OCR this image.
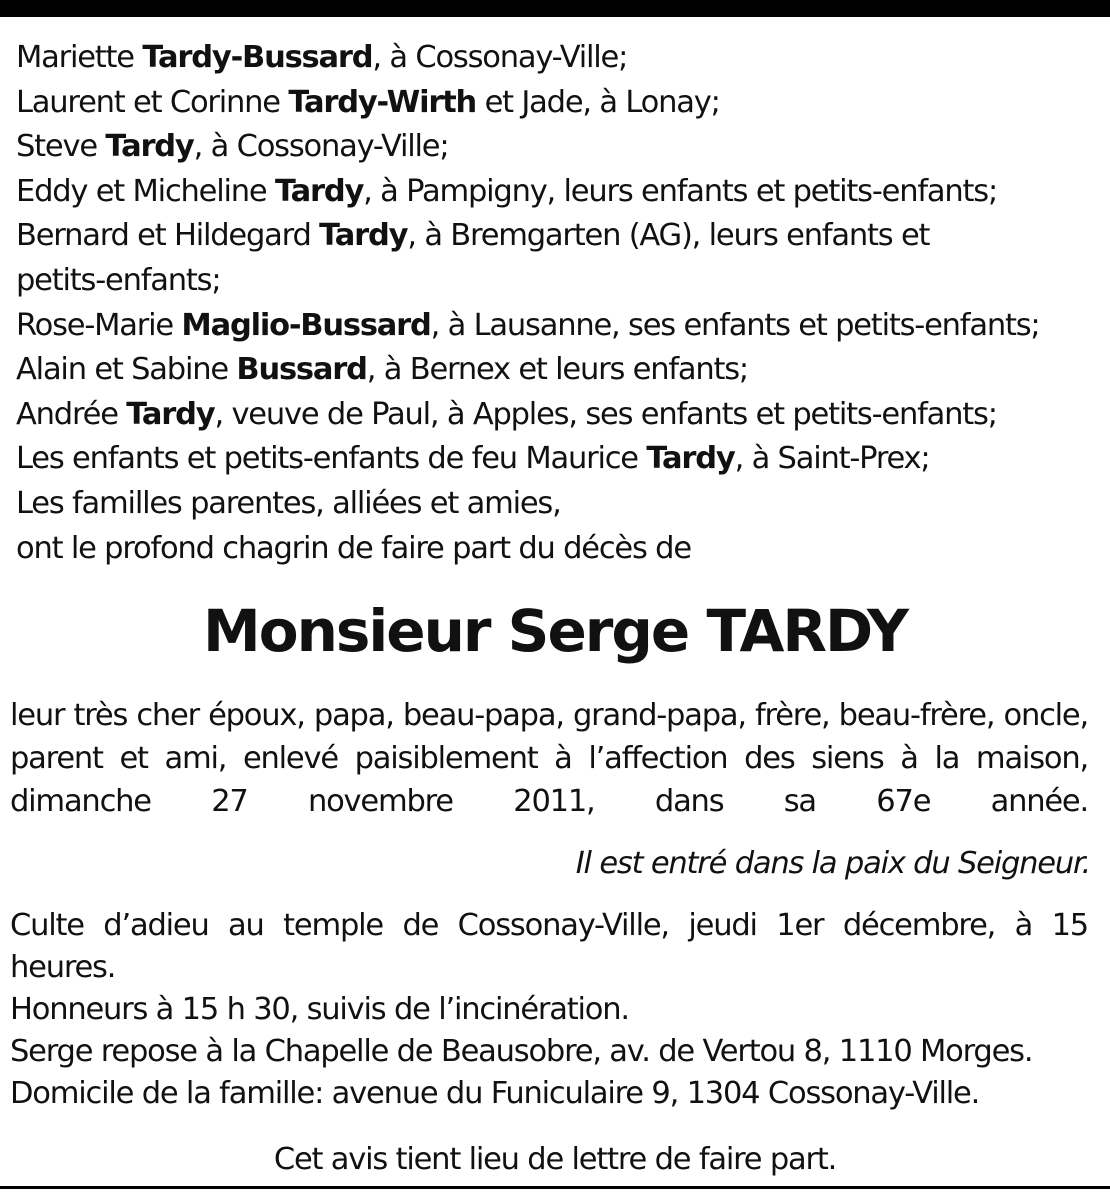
Mariette Tardy-Bussard, à Cossonay-Ville;
Laurent et Corinne Tardy-Wirth et Jade, à Lonay;
Steve Tardy, à Cossonay-Ville;
Eddy et Micheline Tardy, à Pampigny, leurs enfants et petits-enfants;
Bernard et Hildegard Tardy, à Bremgarten (AG), leurs enfants et petits-enfants;
Rose-Marie Maglio-Bussard, à Lausanne, ses enfants et petits-enfants;
Alain et Sabine Bussard, à Bernex et leurs enfants;
Andrée Tardy, veuve de Paul, à Apples, ses enfants et petits-enfants;
Les enfants et petits-enfants de feu Maurice Tardy, à Saint-Prex;
Les familles parentes, alliées et amies,
ont le profond chagrin de faire part du décès de
Monsieur Serge TARDY
leur très cher époux, papa, beau-papa, grand-papa, frère, beau-frère, oncle, parent et ami, enlevé paisiblement à l’affection des siens à la maison, dimanche 27 novembre 2011, dans sa 67e année.
Il est entré dans la paix du Seigneur.
Culte d’adieu au temple de Cossonay-Ville, jeudi 1er décembre, à 15 heures.
Honneurs à 15 h 30, suivis de l’incinération.
Serge repose à la Chapelle de Beausobre, av. de Vertou 8, 1110 Morges.
Domicile de la famille: avenue du Funiculaire 9, 1304 Cossonay-Ville.
Cet avis tient lieu de lettre de faire part.
